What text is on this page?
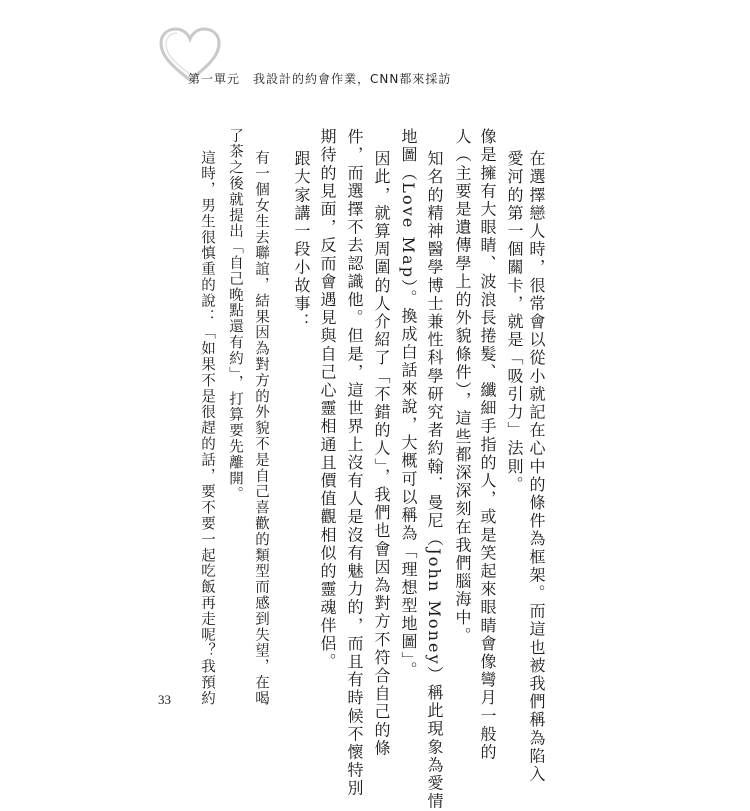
第一單元 我設計的約會作業，CNN都來採訪
在選擇戀人時，很常會以從小就記在心中的條件為框架。而這也被我們稱為陷入
愛河的第一個關卡，就是「吸引力」法則。
像是擁有大眼睛、波浪長捲髮、纖細手指的人，或是笑起來眼睛會像彎月一般的
人（主要是遺傳學上的外貌條件），這些都深深刻在我們腦海中。
知名的精神醫學博士兼性科學研究者約翰．曼尼（John Money）稱此現象為愛情
地圖（Love Map）。換成白話來說，大概可以稱為「理想型地圖」。
因此，就算周圍的人介紹了「不錯的人」，我們也會因為對方不符合自己的條
件，而選擇不去認識他。但是，這世界上沒有人是沒有魅力的，而且有時候不懷特別
期待的見面，反而會遇見與自己心靈相通且價值觀相似的靈魂伴侶。
跟大家講一段小故事：
有一個女生去聯誼，結果因為對方的外貌不是自己喜歡的類型而感到失望，在喝
了茶之後就提出「自己晚點還有約」，打算要先離開。
這時，男生很慎重的說：「如果不是很趕的話，要不要一起吃飯再走呢？我預約
33
